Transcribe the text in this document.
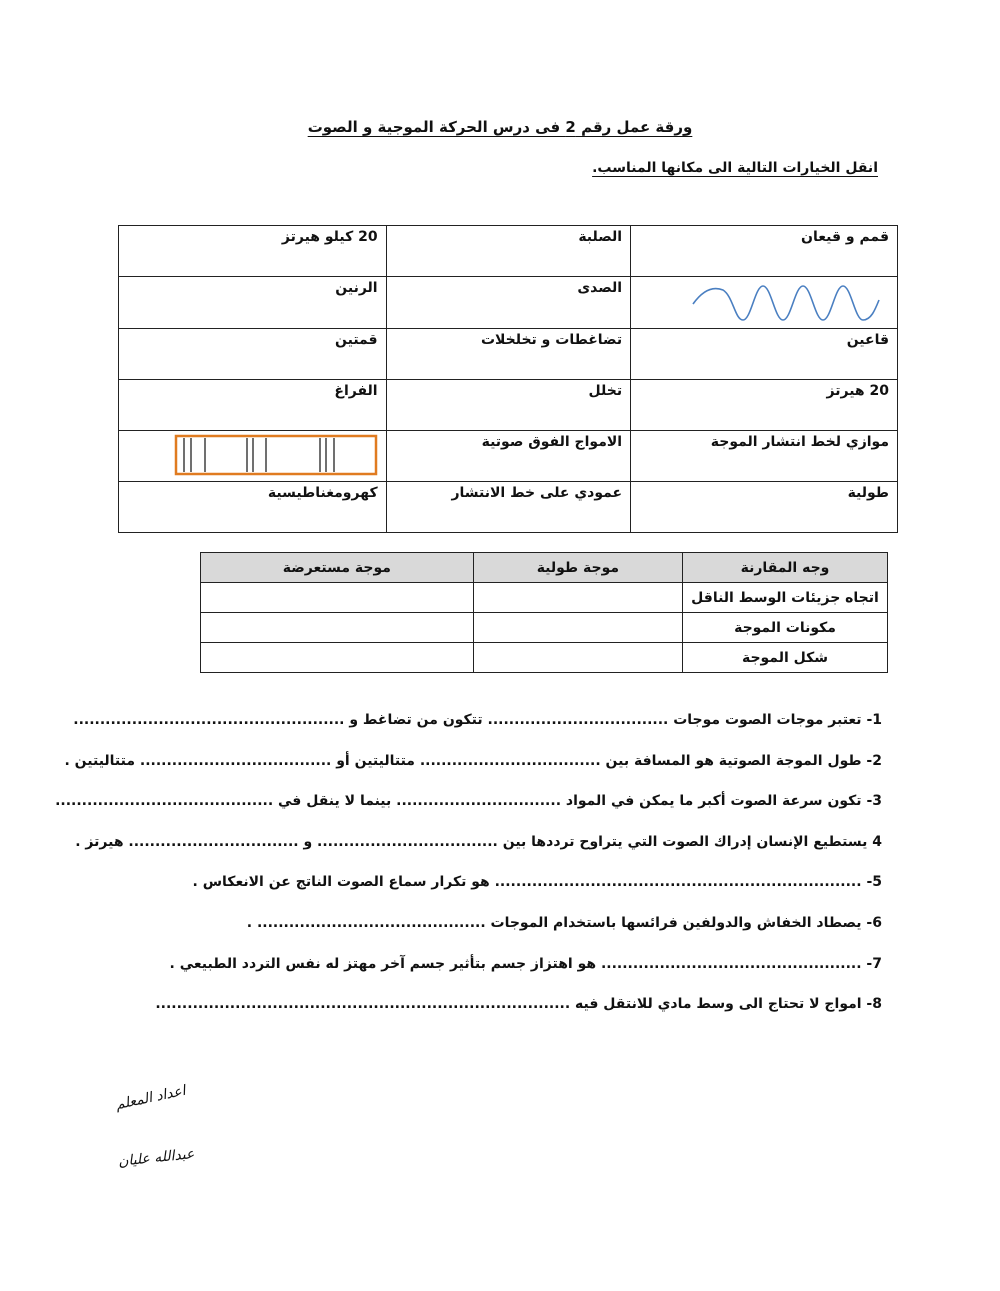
ورقة عمل رقم 2 فى درس الحركة الموجية و الصوت
انقل الخيارات التالية الى مكانها المناسب.
قمم و قيعان	الصلبة	20 كيلو هيرتز
	الصدى	الرنين
قاعين	تضاغطات و تخلخلات	قمتين
20 هيرتز	تخلل	الفراغ
موازي لخط انتشار الموجة	الامواج الفوق صوتية	
طولية	عمودي على خط الانتشار	كهرومغناطيسية
وجه المقارنة	موجة طولية	موجة مستعرضة
اتجاه جزيئات الوسط الناقل		
مكونات الموجة		
شكل الموجة		
1- تعتبر موجات الصوت موجات .................................. تتكون من تضاغط و ...................................................
2- طول الموجة الصوتية هو المسافة بين .................................. متتاليتين أو .................................... متتاليتين .
3- تكون سرعة الصوت أكبر ما يمكن في المواد ............................... بينما لا ينقل في .........................................
4 يستطيع الإنسان إدراك الصوت التي يتراوح ترددها بين .................................. و ................................ هيرتز .
5- ..................................................................... هو تكرار سماع الصوت الناتج عن الانعكاس .
6- يصطاد الخفاش والدولفين فرائسها باستخدام الموجات ........................................... .
7- ................................................. هو اهتزاز جسم بتأثير جسم آخر مهتز له نفس التردد الطبيعي .
8- امواج لا تحتاج الى وسط مادي للانتقل فيه ..............................................................................
اعداد المعلم
عبدالله عليان
